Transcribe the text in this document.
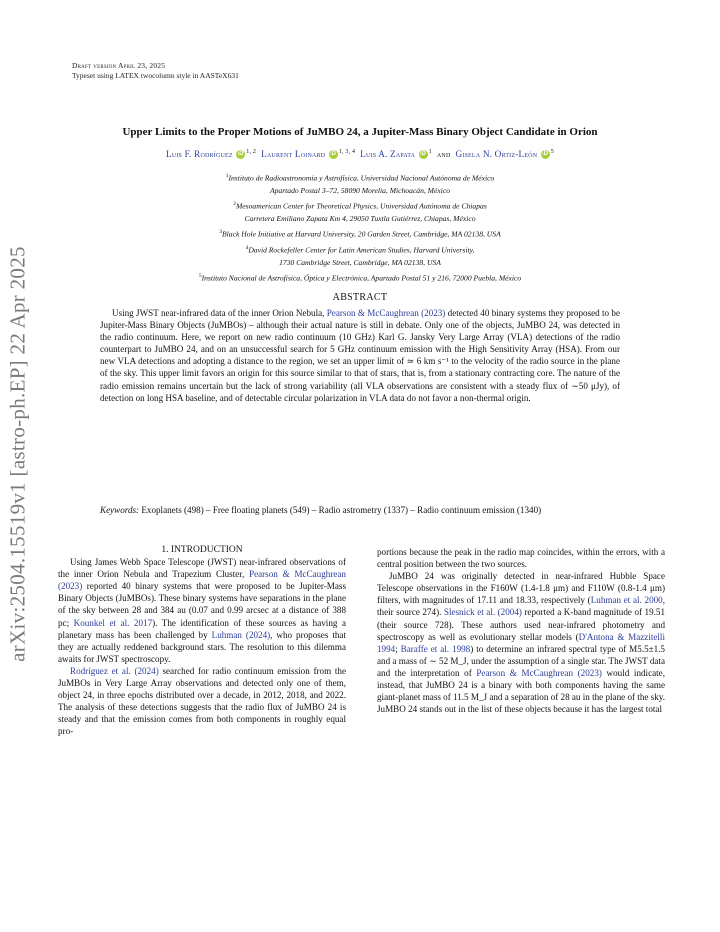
Draft version April 23, 2025
Typeset using LATEX twocolumn style in AASTeX631
arXiv:2504.15519v1 [astro-ph.EP] 22 Apr 2025
Upper Limits to the Proper Motions of JuMBO 24, a Jupiter-Mass Binary Object Candidate in Orion
Luis F. Rodríguez iD $^{1, 2}$ Laurent Loinard iD $^{1, 3, 4}$ Luis A. Zapata iD $^1$ and Gisela N. Ortiz-León iD $^5$
$^1$Instituto de Radioastronomía y Astrofísica, Universidad Nacional Autónoma de México
Apartado Postal 3–72, 58090 Morelia, Michoacán, México
$^2$Mesoamerican Center for Theoretical Physics, Universidad Autónoma de Chiapas
Carretera Emiliano Zapata Km 4, 29050 Tuxtla Gutiérrez, Chiapas, México
$^3$Black Hole Initiative at Harvard University, 20 Garden Street, Cambridge, MA 02138, USA
$^4$David Rockefeller Center for Latin American Studies, Harvard University,
1730 Cambridge Street, Cambridge, MA 02138, USA
$^5$Instituto Nacional de Astrofísica, Óptica y Electrónica, Apartado Postal 51 y 216, 72000 Puebla, México
ABSTRACT
Using JWST near-infrared data of the inner Orion Nebula, Pearson & McCaughrean (2023) detected 40 binary systems they proposed to be Jupiter-Mass Binary Objects (JuMBOs) – although their actual nature is still in debate. Only one of the objects, JuMBO 24, was detected in the radio continuum. Here, we report on new radio continuum (10 GHz) Karl G. Jansky Very Large Array (VLA) detections of the radio counterpart to JuMBO 24, and on an unsuccessful search for 5 GHz continuum emission with the High Sensitivity Array (HSA). From our new VLA detections and adopting a distance to the region, we set an upper limit of ≃ 6 km s⁻¹ to the velocity of the radio source in the plane of the sky. This upper limit favors an origin for this source similar to that of stars, that is, from a stationary contracting core. The nature of the radio emission remains uncertain but the lack of strong variability (all VLA observations are consistent with a steady flux of ∼50 μJy), of detection on long HSA baseline, and of detectable circular polarization in VLA data do not favor a non-thermal origin.
Keywords: Exoplanets (498) – Free floating planets (549) – Radio astrometry (1337) – Radio continuum emission (1340)

1. INTRODUCTION

Using James Webb Space Telescope (JWST) near-infrared observations of the inner Orion Nebula and Trapezium Cluster, Pearson & McCaughrean (2023) reported 40 binary systems that were proposed to be Jupiter-Mass Binary Objects (JuMBOs). These binary systems have separations in the plane of the sky between 28 and 384 au (0.07 and 0.99 arcsec at a distance of 388 pc; Kounkel et al. 2017). The identification of these sources as having a planetary mass has been challenged by Luhman (2024), who proposes that they are actually reddened background stars. The resolution to this dilemma awaits for JWST spectroscopy.

Rodríguez et al. (2024) searched for radio continuum emission from the JuMBOs in Very Large Array observations and detected only one of them, object 24, in three epochs distributed over a decade, in 2012, 2018, and 2022. The analysis of these detections suggests that the radio flux of JuMBO 24 is steady and that the emission comes from both components in roughly equal pro-

portions because the peak in the radio map coincides, within the errors, with a central position between the two sources.

JuMBO 24 was originally detected in near-infrared Hubble Space Telescope observations in the F160W (1.4-1.8 μm) and F110W (0.8-1.4 μm) filters, with magnitudes of 17.11 and 18.33, respectively (Luhman et al. 2000, their source 274). Slesnick et al. (2004) reported a K-band magnitude of 19.51 (their source 728). These authors used near-infrared photometry and spectroscopy as well as evolutionary stellar models (D'Antona & Mazzitelli 1994; Baraffe et al. 1998) to determine an infrared spectral type of M5.5±1.5 and a mass of ∼ 52 M_J, under the assumption of a single star. The JWST data and the interpretation of Pearson & McCaughrean (2023) would indicate, instead, that JuMBO 24 is a binary with both components having the same giant-planet mass of 11.5 M_J and a separation of 28 au in the plane of the sky. JuMBO 24 stands out in the list of these objects because it has the largest total
